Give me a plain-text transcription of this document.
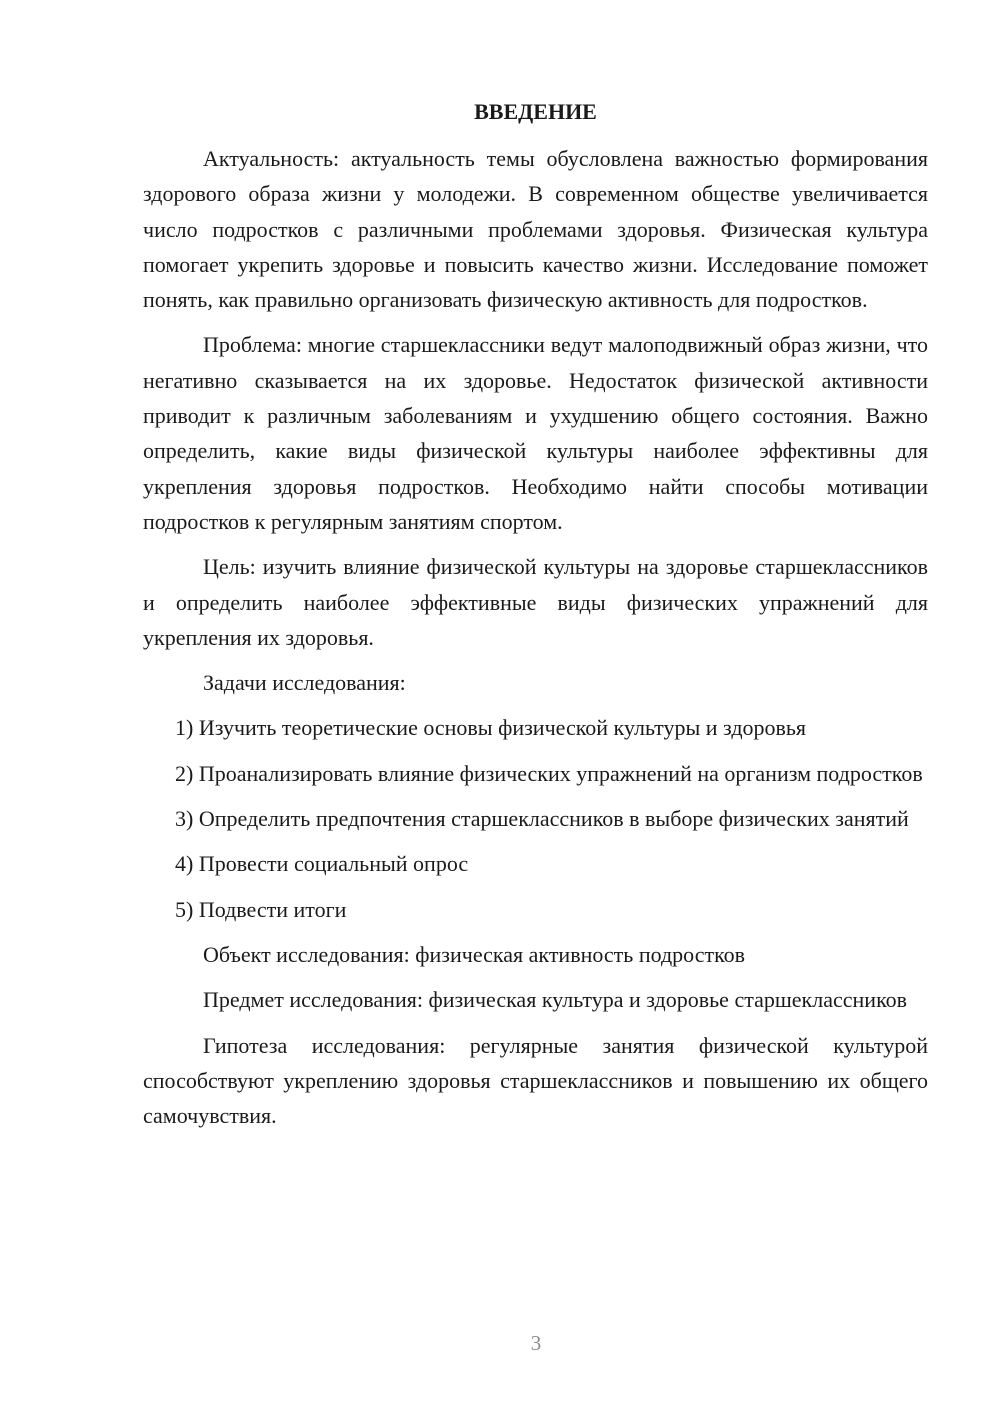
ВВЕДЕНИЕ

Актуальность: актуальность темы обусловлена важностью формирования здорового образа жизни у молодежи. В современном обществе увеличивается число подростков с различными проблемами здоровья. Физическая культура помогает укрепить здоровье и повысить качество жизни. Исследование поможет понять, как правильно организовать физическую активность для подростков.

Проблема: многие старшеклассники ведут малоподвижный образ жизни, что негативно сказывается на их здоровье. Недостаток физической активности приводит к различным заболеваниям и ухудшению общего состояния. Важно определить, какие виды физической культуры наиболее эффективны для укрепления здоровья подростков. Необходимо найти способы мотивации подростков к регулярным занятиям спортом.

Цель: изучить влияние физической культуры на здоровье старшеклассников и определить наиболее эффективные виды физических упражнений для укрепления их здоровья.

Задачи исследования:

1) Изучить теоретические основы физической культуры и здоровья

2) Проанализировать влияние физических упражнений на организм подростков

3) Определить предпочтения старшеклассников в выборе физических занятий

4) Провести социальный опрос

5) Подвести итоги

Объект исследования: физическая активность подростков

Предмет исследования: физическая культура и здоровье старшеклассников

Гипотеза исследования: регулярные занятия физической культурой способствуют укреплению здоровья старшеклассников и повышению их общего самочувствия.

3
